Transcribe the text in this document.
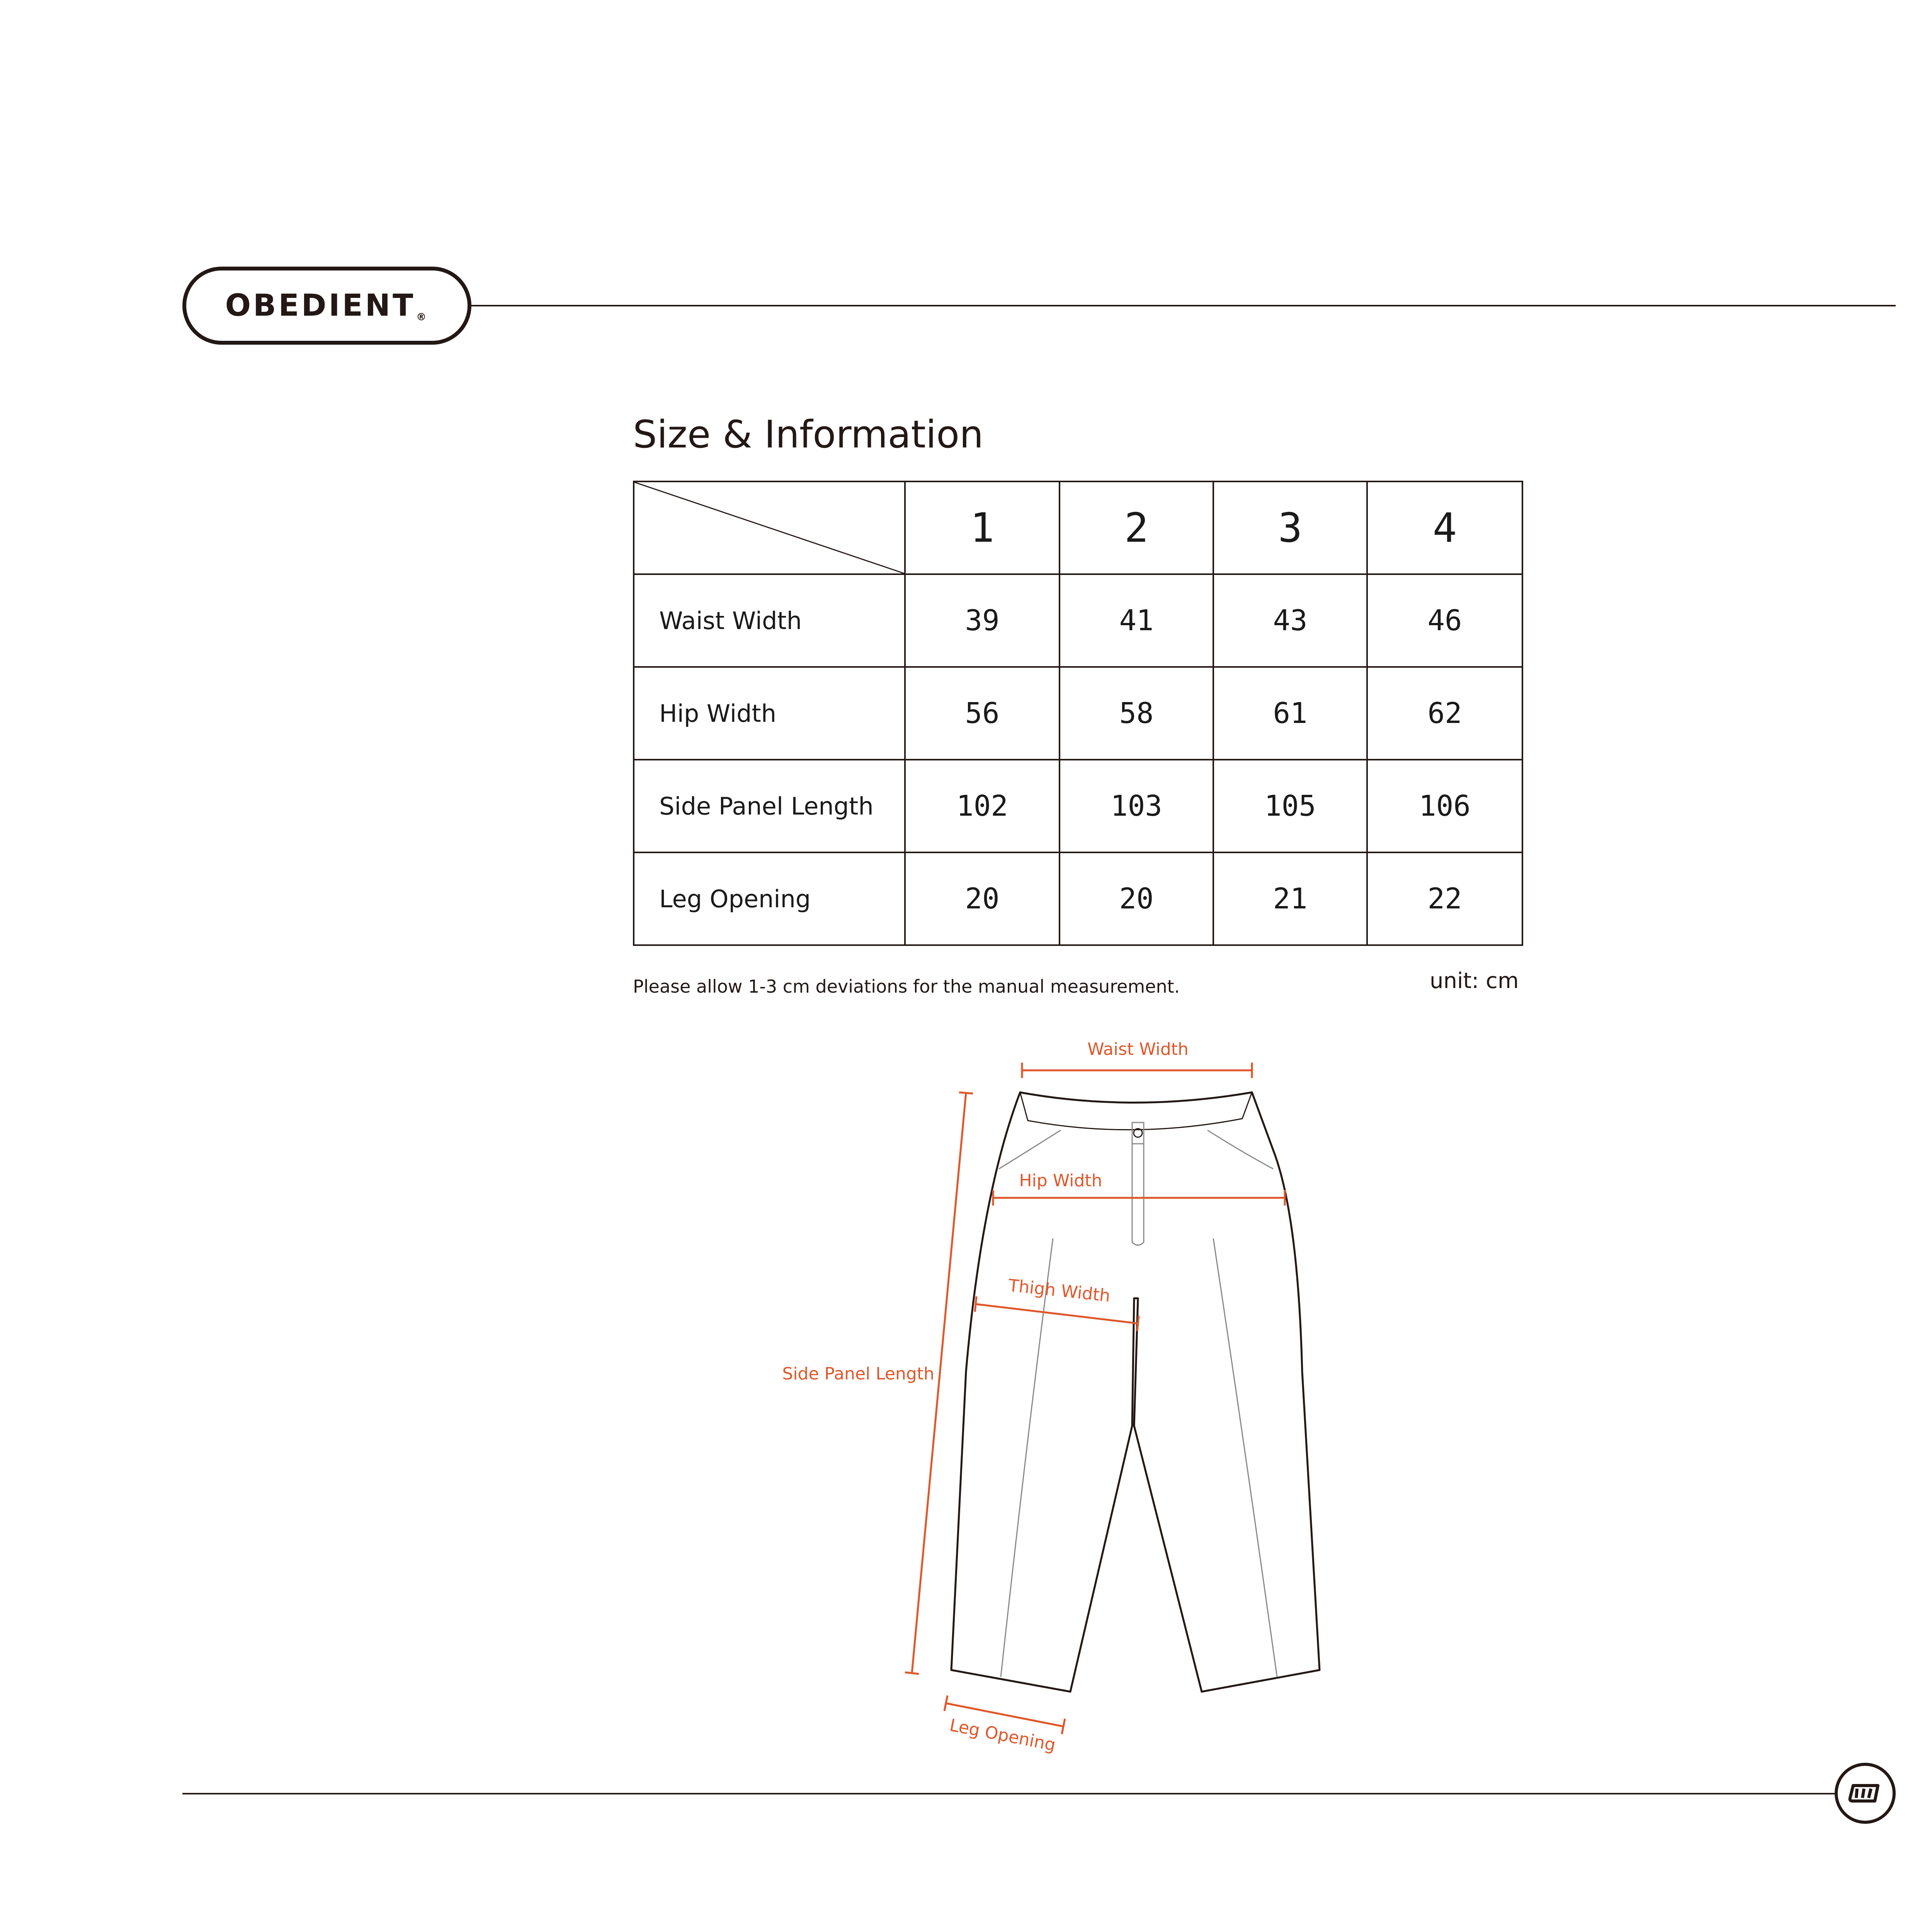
OBEDIENT®
Size & Information
	1	2	3	4
Waist Width	39	41	43	46
Hip Width	56	58	61	62
Side Panel Length	102	103	105	106
Leg Opening	20	20	21	22
Please allow 1-3 cm deviations for the manual measurement.	unit: cm
Waist Width
Hip Width
Thigh Width
Side Panel Length
Leg Opening
